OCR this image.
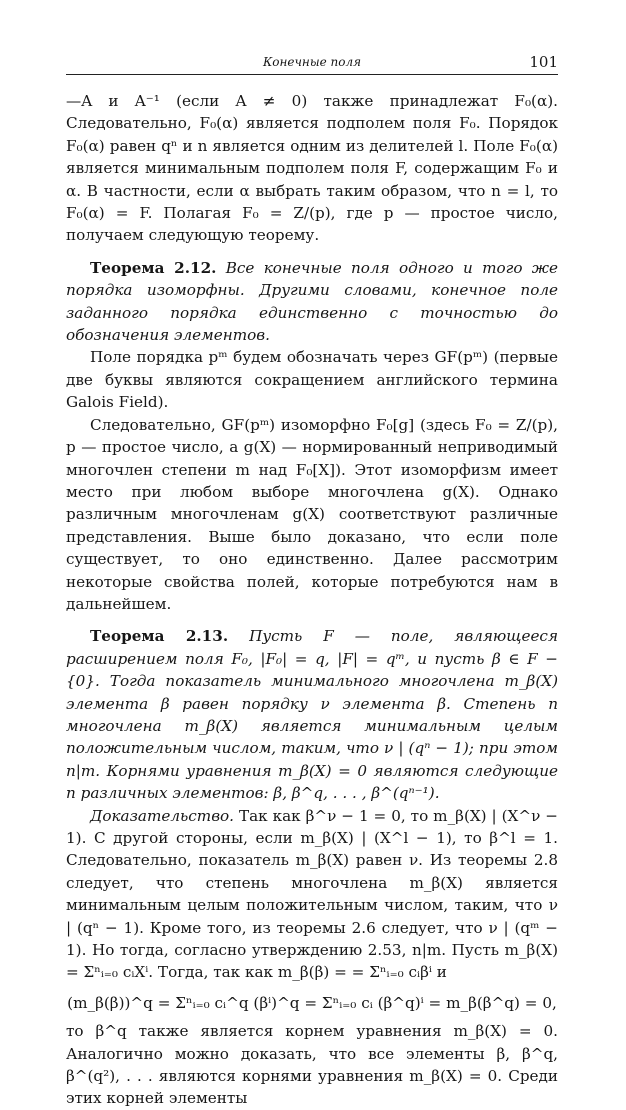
Конечные поля	101

—A и A⁻¹ (если A ≠ 0) также принадлежат F₀(α). Следовательно, F₀(α) является подполем поля F₀. Порядок F₀(α) равен qⁿ и n является одним из делителей l. Поле F₀(α) является минимальным подполем поля F, содержащим F₀ и α. В частности, если α выбрать таким образом, что n = l, то F₀(α) = F. Полагая F₀ = Z/(p), где p — простое число, получаем следующую теорему.

Теорема 2.12. Все конечные поля одного и того же порядка изоморфны. Другими словами, конечное поле заданного порядка единственно с точностью до обозначения элементов.

Поле порядка pᵐ будем обозначать через GF(pᵐ) (первые две буквы являются сокращением английского термина Galois Field).

Следовательно, GF(pᵐ) изоморфно F₀[g] (здесь F₀ = Z/(p), p — простое число, а g(X) — нормированный неприводимый многочлен степени m над F₀[X]). Этот изоморфизм имеет место при любом выборе многочлена g(X). Однако различным многочленам g(X) соответствуют различные представления. Выше было доказано, что если поле существует, то оно единственно. Далее рассмотрим некоторые свойства полей, которые потребуются нам в дальнейшем.

Теорема 2.13. Пусть F — поле, являющееся расширением поля F₀, |F₀| = q, |F| = qᵐ, и пусть β ∈ F − {0}. Тогда показатель минимального многочлена m_β(X) элемента β равен порядку ν элемента β. Степень n многочлена m_β(X) является минимальным целым положительным числом, таким, что ν | (qⁿ − 1); при этом n|m. Корнями уравнения m_β(X) = 0 являются следующие n различных элементов: β, β^q, . . . , β^(qⁿ⁻¹).

Доказательство. Так как β^ν − 1 = 0, то m_β(X) | (X^ν − 1). С другой стороны, если m_β(X) | (X^l − 1), то β^l = 1. Следовательно, показатель m_β(X) равен ν. Из теоремы 2.8 следует, что степень многочлена m_β(X) является минимальным целым положительным числом, таким, что ν | (qⁿ − 1). Кроме того, из теоремы 2.6 следует, что ν | (qᵐ − 1). Но тогда, согласно утверждению 2.53, n|m. Пусть m_β(X) = Σⁿᵢ₌₀ cᵢXⁱ. Тогда, так как m_β(β) = = Σⁿᵢ₌₀ cᵢβⁱ и

(m_β(β))^q = Σⁿᵢ₌₀ cᵢ^q (βⁱ)^q = Σⁿᵢ₌₀ cᵢ (β^q)ⁱ = m_β(β^q) = 0,

то β^q также является корнем уравнения m_β(X) = 0. Аналогично можно доказать, что все элементы β, β^q, β^(q²), . . . являются корнями уравнения m_β(X) = 0. Среди этих корней элементы
